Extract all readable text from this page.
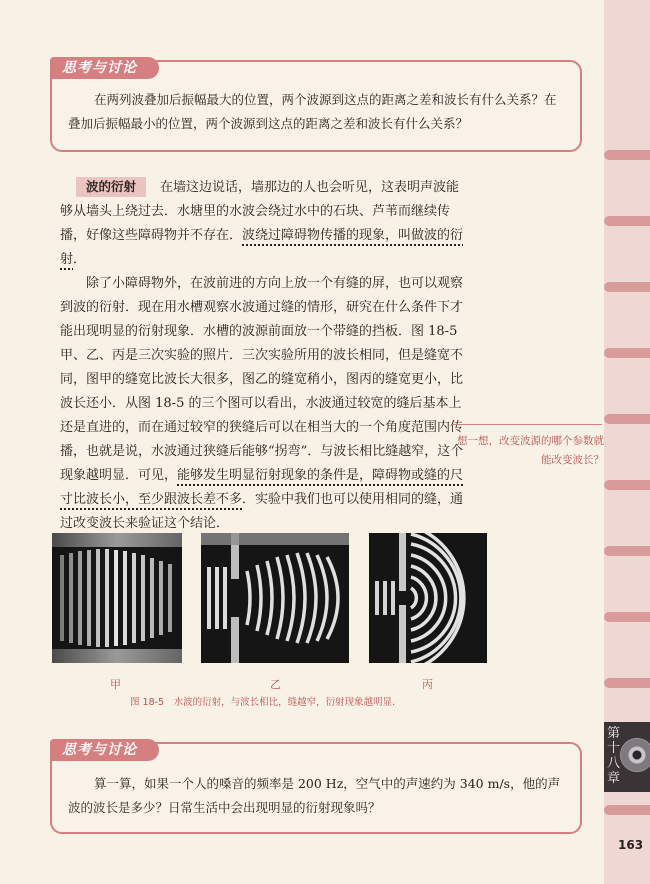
第十八章
163
思考与讨论

在两列波叠加后振幅最大的位置，两个波源到这点的距离之差和波长有什么关系？在叠加后振幅最小的位置，两个波源到这点的距离之差和波长有什么关系？

波的衍射 在墙这边说话，墙那边的人也会听见，这表明声波能够从墙头上绕过去．水塘里的水波会绕过水中的石块、芦苇而继续传播，好像这些障碍物并不存在．波绕过障碍物传播的现象，叫做波的衍射．

除了小障碍物外，在波前进的方向上放一个有缝的屏，也可以观察到波的衍射．现在用水槽观察水波通过缝的情形，研究在什么条件下才能出现明显的衍射现象．水槽的波源前面放一个带缝的挡板．图 18-5 甲、乙、丙是三次实验的照片．三次实验所用的波长相同，但是缝宽不同，图甲的缝宽比波长大很多，图乙的缝宽稍小，图丙的缝宽更小，比波长还小．从图 18-5 的三个图可以看出，水波通过较宽的缝后基本上还是直进的，而在通过较窄的狭缝后可以在相当大的一个角度范围内传播，也就是说，水波通过狭缝后能够“拐弯”．与波长相比缝越窄，这个现象越明显．可见，能够发生明显衍射现象的条件是，障碍物或缝的尺寸比波长小，至少跟波长差不多．实验中我们也可以使用相同的缝，通过改变波长来验证这个结论．

想一想，改变波源的哪个参数就能改变波长？

甲	乙	丙
图 18-5　水波的衍射，与波长相比，缝越窄，衍射现象越明显．
思考与讨论

算一算，如果一个人的嗓音的频率是 200 Hz，空气中的声速约为 340 m/s，他的声波的波长是多少？日常生活中会出现明显的衍射现象吗？
